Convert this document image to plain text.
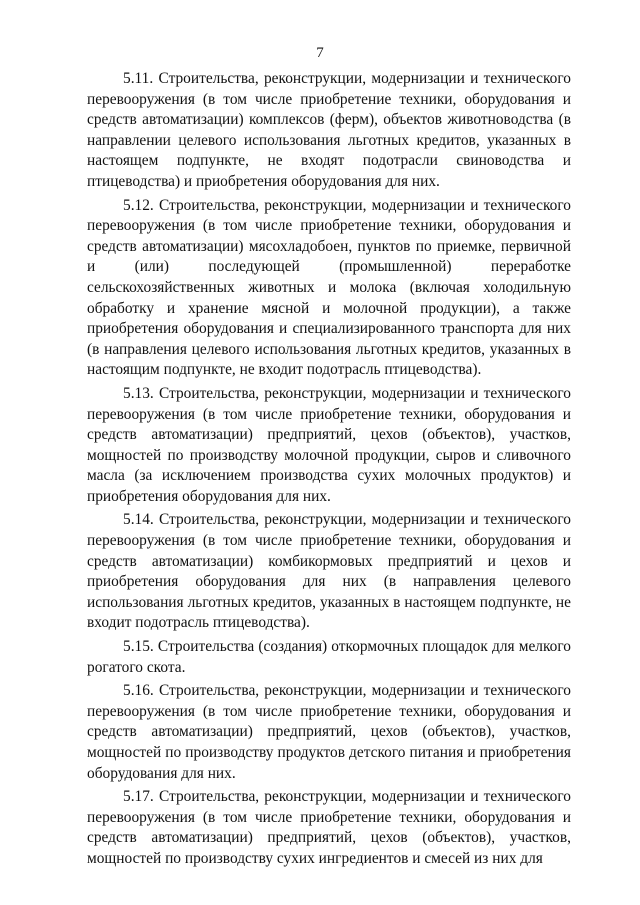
7

5.11. Строительства, реконструкции, модернизации и технического перевооружения (в том числе приобретение техники, оборудования и средств автоматизации) комплексов (ферм), объектов животноводства (в направлении целевого использования льготных кредитов, указанных в настоящем подпункте, не входят подотрасли свиноводства и птицеводства) и приобретения оборудования для них.

5.12. Строительства, реконструкции, модернизации и технического перевооружения (в том числе приобретение техники, оборудования и средств автоматизации) мясохладобоен, пунктов по приемке, первичной и (или) последующей (промышленной) переработке сельскохозяйственных животных и молока (включая холодильную обработку и хранение мясной и молочной продукции), а также приобретения оборудования и специализированного транспорта для них (в направления целевого использования льготных кредитов, указанных в настоящим подпункте, не входит подотрасль птицеводства).

5.13. Строительства, реконструкции, модернизации и технического перевооружения (в том числе приобретение техники, оборудования и средств автоматизации) предприятий, цехов (объектов), участков, мощностей по производству молочной продукции, сыров и сливочного масла (за исключением производства сухих молочных продуктов) и приобретения оборудования для них.

5.14. Строительства, реконструкции, модернизации и технического перевооружения (в том числе приобретение техники, оборудования и средств автоматизации) комбикормовых предприятий и цехов и приобретения оборудования для них (в направления целевого использования льготных кредитов, указанных в настоящем подпункте, не входит подотрасль птицеводства).

5.15. Строительства (создания) откормочных площадок для мелкого рогатого скота.

5.16. Строительства, реконструкции, модернизации и технического перевооружения (в том числе приобретение техники, оборудования и средств автоматизации) предприятий, цехов (объектов), участков, мощностей по производству продуктов детского питания и приобретения оборудования для них.

5.17. Строительства, реконструкции, модернизации и технического перевооружения (в том числе приобретение техники, оборудования и средств автоматизации) предприятий, цехов (объектов), участков, мощностей по производству сухих ингредиентов и смесей из них для
